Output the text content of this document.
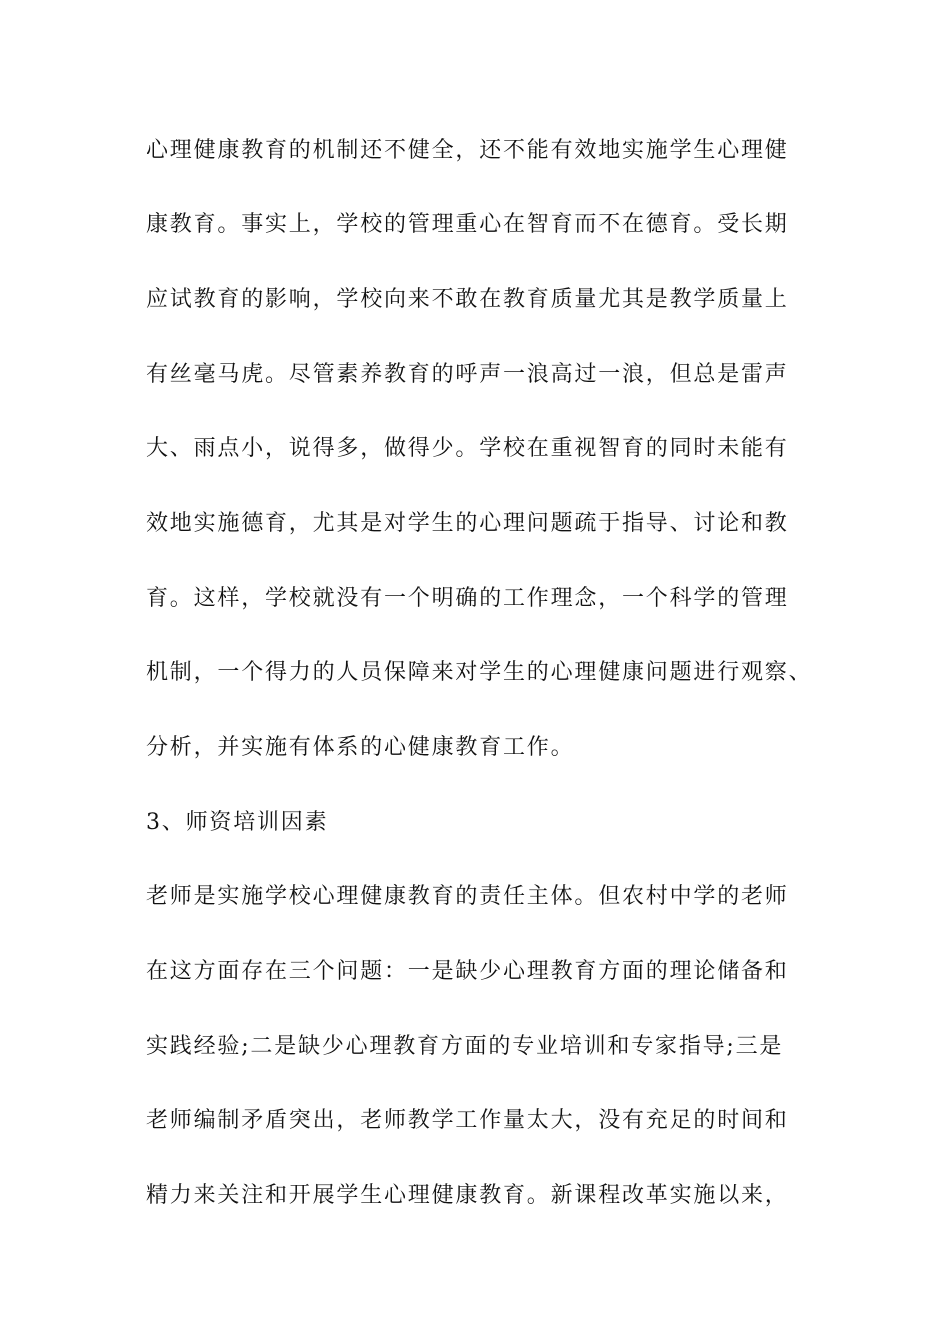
心理健康教育的机制还不健全，还不能有效地实施学生心理健
康教育。事实上，学校的管理重心在智育而不在德育。受长期
应试教育的影响，学校向来不敢在教育质量尤其是教学质量上
有丝毫马虎。尽管素养教育的呼声一浪高过一浪，但总是雷声
大、雨点小，说得多，做得少。学校在重视智育的同时未能有
效地实施德育，尤其是对学生的心理问题疏于指导、讨论和教
育。这样，学校就没有一个明确的工作理念，一个科学的管理
机制，一个得力的人员保障来对学生的心理健康问题进行观察、
分析，并实施有体系的心健康教育工作。
3、师资培训因素
老师是实施学校心理健康教育的责任主体。但农村中学的老师
在这方面存在三个问题：一是缺少心理教育方面的理论储备和
实践经验;二是缺少心理教育方面的专业培训和专家指导;三是
老师编制矛盾突出，老师教学工作量太大，没有充足的时间和
精力来关注和开展学生心理健康教育。新课程改革实施以来，
